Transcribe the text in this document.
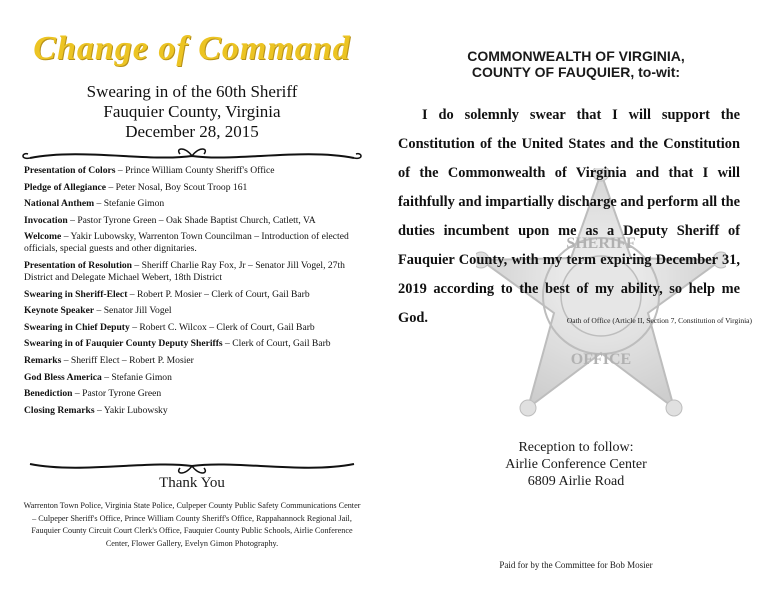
Change of Command
Swearing in of the 60th Sheriff
Fauquier County, Virginia
December 28, 2015
Presentation of Colors – Prince William County Sheriff's Office
Pledge of Allegiance – Peter Nosal, Boy Scout Troop 161
National Anthem – Stefanie Gimon
Invocation – Pastor Tyrone Green – Oak Shade Baptist Church, Catlett, VA
Welcome – Yakir Lubowsky, Warrenton Town Councilman – Introduction of elected officials, special guests and other dignitaries.
Presentation of Resolution – Sheriff Charlie Ray Fox, Jr – Senator Jill Vogel, 27th District and Delegate Michael Webert, 18th District
Swearing in Sheriff-Elect – Robert P. Mosier – Clerk of Court, Gail Barb
Keynote Speaker – Senator Jill Vogel
Swearing in Chief Deputy – Robert C. Wilcox – Clerk of Court, Gail Barb
Swearing in of Fauquier County Deputy Sheriffs – Clerk of Court, Gail Barb
Remarks – Sheriff Elect – Robert P. Mosier
God Bless America – Stefanie Gimon
Benediction – Pastor Tyrone Green
Closing Remarks – Yakir Lubowsky
Thank You
Warrenton Town Police, Virginia State Police, Culpeper County Public Safety Communications Center – Culpeper Sheriff's Office, Prince William County Sheriff's Office, Rappahannock Regional Jail, Fauquier County Circuit Court Clerk's Office, Fauquier County Public Schools, Airlie Conference Center, Flower Gallery, Evelyn Gimon Photography.
COMMONWEALTH OF VIRGINIA,
COUNTY OF FAUQUIER, to-wit:
SHERIFF
OFFICE

I do solemnly swear that I will support the Constitution of the United States and the Constitution of the Commonwealth of Virginia and that I will faithfully and impartially discharge and perform all the duties incumbent upon me as a Deputy Sheriff of Fauquier County, with my term expiring December 31, 2019 according to the best of my ability, so help me God.	Oath of Office (Article II, Section 7, Constitution of Virginia)
Reception to follow:
Airlie Conference Center
6809 Airlie Road
Paid for by the Committee for Bob Mosier
